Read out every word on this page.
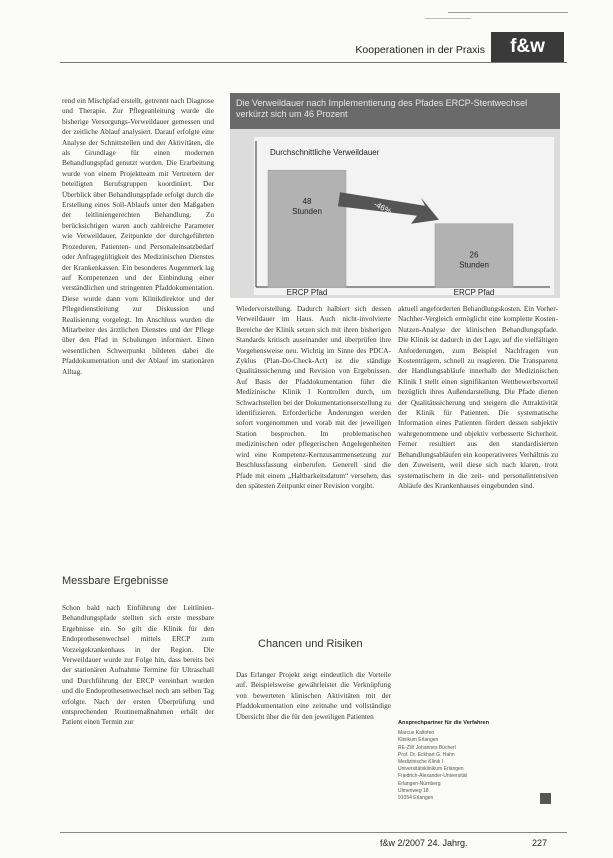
Kooperationen in der Praxis	f&w

rend ein Mischpfad erstellt, getrennt nach Diagnose und Therapie. Zur Pflegeanleitung wurde die bisherige Versorgungs-Verweildauer gemessen und der zeitliche Ablauf analysiert. Darauf erfolgte eine Analyse der Schnittstellen und der Aktivitäten, die als Grundlage für einen modernen Behandlungspfad genutzt wurden. Die Erarbeitung wurde von einem Projektteam mit Vertretern der beteiligten Berufsgruppen koordiniert. Der Überblick über Behandlungspfade erfolgt durch die Erstellung eines Soll-Ablaufs unter den Maßgaben der leitliniengerechten Behandlung. Zu berücksichtigen waren auch zahlreiche Parameter wie Verweildauer, Zeitpunkte der durchgeführten Prozeduren, Patienten- und Personaleinsatzbedarf oder Anfragegültigkeit des Medizinischen Dienstes der Krankenkassen. Ein besonderes Augenmerk lag auf Kompetenzen und der Einbindung einer verständlichen und stringenten Pfaddokumentation. Diese wurde dann vom Klinikdirektor und der Pflegedienstleitung zur Diskussion und Realisierung vorgelegt. Im Anschluss wurden die Mitarbeiter des ärztlichen Dienstes und der Pflege über den Pfad in Schulungen informiert. Einen wesentlichen Schwerpunkt bildeten dabei die Pfaddokumentation und der Ablauf im stationären Alltag.

Messbare Ergebnisse

Schon bald nach Einführung der Leitlinien-Behandlungspfade stellten sich erste messbare Ergebnisse ein. So gilt die Klinik für den Endoprothesenwechsel mittels ERCP zum Vorzeigekrankenhaus in der Region. Die Verweildauer wurde zur Folge hin, dass bereits bei der stationären Aufnahme Termine für Ultraschall und Durchführung der ERCP vereinbart wurden und die Endoprothesenwechsel noch am selben Tag erfolgte. Nach der ersten Überprüfung und entsprechenden Routinemaßnahmen erhält der Patient einen Termin zur

Die Verweildauer nach Implementierung des Pfades ERCP-Stentwechsel verkürzt sich um 46 Prozent
Durchschnittliche Verweildauer
48
Stunden
ERCP Pfad
26
Stunden
ERCP Pfad
-46%

Wiedervorstellung. Dadurch halbiert sich dessen Verweildauer im Haus. Auch nicht-involvierte Bereiche der Klinik setzen sich mit ihren bisherigen Standards kritisch auseinander und überprüfen ihre Vorgehensweise neu. Wichtig im Sinne des PDCA-Zyklus (Plan-Do-Check-Act) ist die ständige Qualitätssicherung und Revision von Ergebnissen. Auf Basis der Pfaddokumentation führt die Medizinische Klinik I Kontrollen durch, um Schwachstellen bei der Dokumentationserstellung zu identifizieren. Erforderliche Änderungen werden sofort vorgenommen und vorab mit der jeweiligen Station besprochen. Im problematischen medizinischen oder pflegerischen Angelegenheiten wird eine Kompetenz-Kernzusammensetzung zur Beschlussfassung einberufen. Generell sind die Pfade mit einem „Haltbarkeitsdatum“ versehen, das den spätesten Zeitpunkt einer Revision vorgibt.

Chancen und Risiken

Das Erlanger Projekt zeigt eindeutlich die Vorteile auf. Beispielsweise gewährleistet die Verknüpfung von bewerteten klinischen Aktivitäten mit der Pfaddokumentation eine zeitnahe und vollständige Übersicht über die für den jeweiligen Patienten

aktuell angeforderten Behandlungskosten. Ein Vorher-Nachher-Vergleich ermöglicht eine komplette Kosten-Nutzen-Analyse der klinischen Behandlungspfade. Die Klinik ist dadurch in der Lage, auf die vielfältigen Anforderungen, zum Beispiel Nachfragen von Kostenträgern, schnell zu reagieren. Die Transparenz der Handlungsabläufe innerhalb der Medizinischen Klinik I stellt einen signifikanten Wettbewerbsvorteil bezüglich ihres Außendarstellung. Die Pfade dienen der Qualitätssicherung und steigern die Attraktivität der Klinik für Patienten. Die systematische Information eines Patienten fördert dessen subjektiv wahrgenommene und objektiv verbesserte Sicherheit. Ferner resultiert aus den standardisierten Behandlungsabläufen ein kooperativeres Verhältnis zu den Zuweisern, weil diese sich nach klaren, trotz systematischem in die zeit- und personalintensiven Abläufe des Krankenhauses eingebunden sind.

Ansprechpartner für die Verfahren
Marcus Kaltofen
Klinikum Erlangen
RE-ZW Johannes Bücherl
Prof. Dr. Eckhart G. Hahn
Medizinische Klinik I
Universitätsklinikum Erlangen
Friedrich-Alexander-Universität
Erlangen-Nürnberg
Ulmenweg 18
91054 Erlangen
f&w 2/2007 24. Jahrg.	227
